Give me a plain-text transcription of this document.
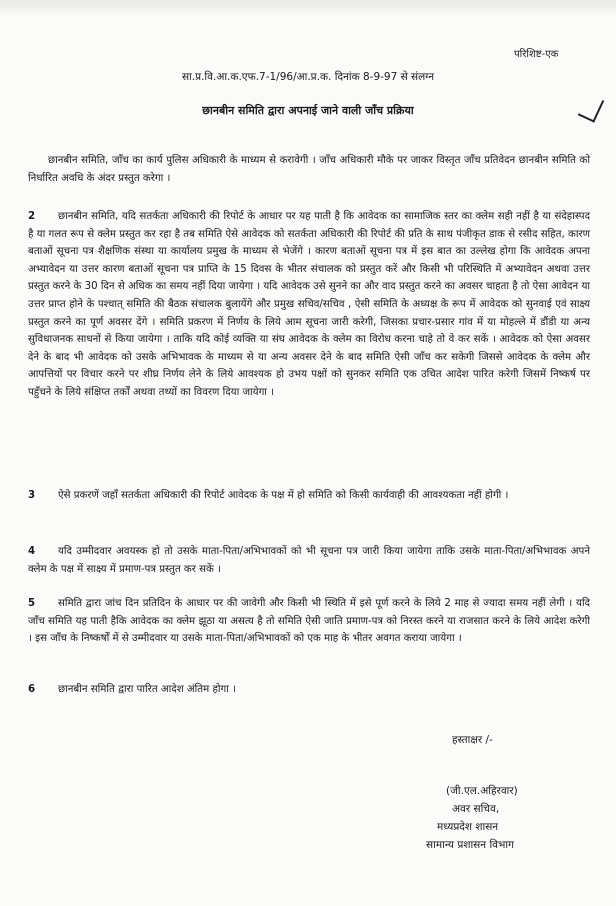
परिशिष्ट-एक
सा.प्र.वि.आ.क.एफ.7-1/96/आ.प्र.क. दिनांक 8-9-97 से संलग्न
छानबीन समिति द्वारा अपनाई जाने वाली जाँच प्रक्रिया
छानबीन समिति, जाँच का कार्य पुलिस अधिकारी के माध्यम से करावेगी । जाँच अधिकारी मौके पर जाकर विस्तृत जाँच प्रतिवेदन छानबीन समिति को निर्धारित अवधि के अंदर प्रस्तुत करेगा ।
2 छानबीन समिति, यदि सतर्कता अधिकारी की रिपोर्ट के आधार पर यह पाती है कि आवेदक का सामाजिक स्तर का क्लेम सही नहीं है या संदेहास्पद है या गलत रूप से क्लेम प्रस्तुत कर रहा है तब समिति ऐसे आवेदक को सतर्कता अधिकारी की रिपोर्ट की प्रति के साथ पंजीकृत डाक से रसीद सहित, कारण बताओं सूचना पत्र शैक्षणिक संस्था या कार्यालय प्रमुख के माध्यम से भेजेंगे । कारण बताओं सूचना पत्र में इस बात का उल्लेख होगा कि आवेदक अपना अभ्यावेदन या उत्तर कारण बताओं सूचना पत्र प्राप्ति के 15 दिवस के भीतर संचालक को प्रस्तुत करें और किसी भी परिस्थिति में अभ्यावेदन अथवा उत्तर प्रस्तुत करने के 30 दिन से अधिक का समय नहीं दिया जायेगा । यदि आवेदक उसे सुनने का और वाद प्रस्तुत करने का अवसर चाहता है तो ऐसा आवेदन या उत्तर प्राप्त होने के पश्चात् समिति की बैठक संचालक बुलायेंगे और प्रमुख सचिव/सचिव , ऐसी समिति के अध्यक्ष के रूप में आवेदक को सुनवाई एवं साक्ष्य प्रस्तुत करने का पूर्ण अवसर देंगे । समिति प्रकरण में निर्णय के लिये आम सूचना जारी करेगी, जिसका प्रचार-प्रसार गांव में या मोहल्ले में डौंडी या अन्य सुविधाजनक साधनों से किया जायेगा । ताकि यदि कोई व्यक्ति या संघ आवेदक के क्लेम का विरोध करना चाहे तो वे कर सकें । आवेदक को ऐसा अवसर देने के बाद भी आवेदक को उसके अभिभावक के माध्यम से या अन्य अवसर देने के बाद समिति ऐसी जाँच कर सकेगी जिससे आवेदक के क्लेम और आपत्तियों पर विचार करने पर शीघ्र निर्णय लेने के लिये आवश्यक हो उभय पक्षों को सुनकर समिति एक उचित आदेश पारित करेगी जिसमें निष्कर्ष पर पहुँचने के लिये संक्षिप्त तर्कों अथवा तथ्यों का विवरण दिया जायेगा ।
3 ऐसे प्रकरणें जहाँ सतर्कता अधिकारी की रिपोर्ट आवेदक के पक्ष में हो समिति को किसी कार्यवाही की आवश्यकता नहीं होगी ।
4 यदि उम्मीदवार अवयस्क हो तो उसके माता-पिता/अभिभावकों को भी सूचना पत्र जारी किया जायेगा ताकि उसके माता-पिता/अभिभावक अपने क्लेम के पक्ष में साक्ष्य में प्रमाण-पत्र प्रस्तुत कर सकें ।
5 समिति द्वारा जांच दिन प्रतिदिन के आधार पर की जावेगी और किसी भी स्थिति में इसे पूर्ण करने के लिये 2 माह से ज्यादा समय नहीं लेगी । यदि जाँच समिति यह पाती हैकि आवेदक का क्लेम झूठा या असत्य है तो समिति ऐसी जाति प्रमाण-पत्र को निरस्त करने या राजसात करने के लिये आदेश करेगी । इस जाँच के निष्कर्षों में से उम्मीदवार या उसके माता-पिता/अभिभावकों को एक माह के भीतर अवगत कराया जायेगा ।
6 छानबीन समिति द्वारा पारित आदेश अंतिम होगा ।
हस्ताक्षर /-
(जी.एल.अहिरवार)
अवर सचिव,
मध्यप्रदेश शासन
सामान्य प्रशासन विभाग
